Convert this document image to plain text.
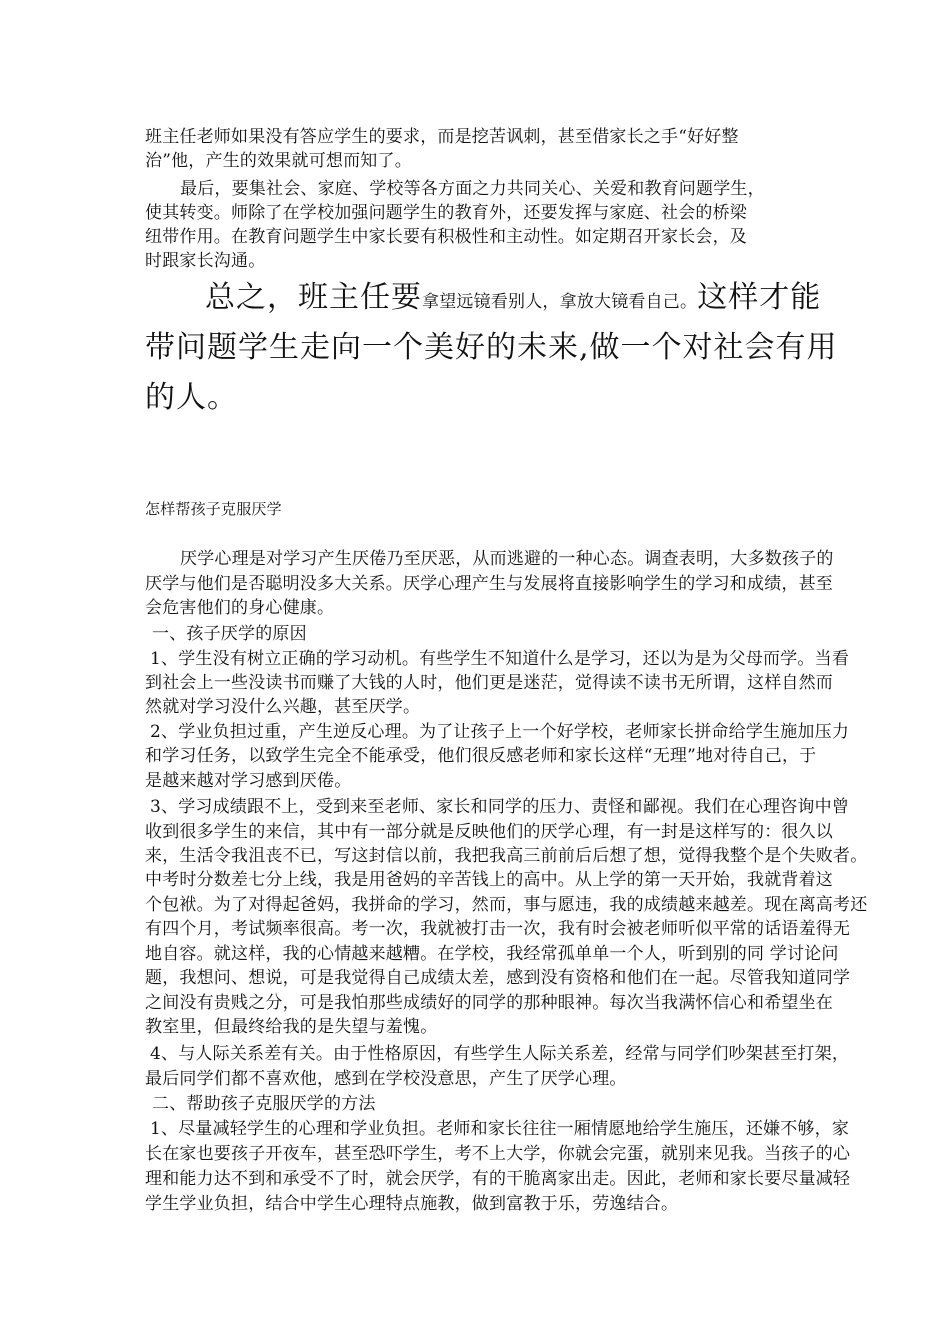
班主任老师如果没有答应学生的要求，而是挖苦讽刺，甚至借家长之手“好好整
治”他，产生的效果就可想而知了。
最后，要集社会、家庭、学校等各方面之力共同关心、关爱和教育问题学生，
使其转变。师除了在学校加强问题学生的教育外，还要发挥与家庭、社会的桥梁
纽带作用。在教育问题学生中家长要有积极性和主动性。如定期召开家长会，及
时跟家长沟通。
总之，班主任要拿望远镜看别人，拿放大镜看自己。这样才能
带问题学生走向一个美好的未来,做一个对社会有用
的人。
怎样帮孩子克服厌学
厌学心理是对学习产生厌倦乃至厌恶，从而逃避的一种心态。调查表明，大多数孩子的
厌学与他们是否聪明没多大关系。厌学心理产生与发展将直接影响学生的学习和成绩，甚至
会危害他们的身心健康。
一、孩子厌学的原因
1、学生没有树立正确的学习动机。有些学生不知道什么是学习，还以为是为父母而学。当看
到社会上一些没读书而赚了大钱的人时，他们更是迷茫，觉得读不读书无所谓，这样自然而
然就对学习没什么兴趣，甚至厌学。
2、学业负担过重，产生逆反心理。为了让孩子上一个好学校，老师家长拼命给学生施加压力
和学习任务，以致学生完全不能承受，他们很反感老师和家长这样“无理”地对待自己，于
是越来越对学习感到厌倦。
3、学习成绩跟不上，受到来至老师、家长和同学的压力、责怪和鄙视。我们在心理咨询中曾
收到很多学生的来信，其中有一部分就是反映他们的厌学心理，有一封是这样写的：很久以
来，生活令我沮丧不已，写这封信以前，我把我高三前前后后想了想，觉得我整个是个失败者。
中考时分数差七分上线，我是用爸妈的辛苦钱上的高中。从上学的第一天开始，我就背着这
个包袱。为了对得起爸妈，我拼命的学习，然而，事与愿违，我的成绩越来越差。现在离高考还
有四个月，考试频率很高。考一次，我就被打击一次，我有时会被老师听似平常的话语羞得无
地自容。就这样，我的心情越来越糟。在学校，我经常孤单单一个人，听到别的同 学讨论问
题，我想问、想说，可是我觉得自己成绩太差，感到没有资格和他们在一起。尽管我知道同学
之间没有贵贱之分，可是我怕那些成绩好的同学的那种眼神。每次当我满怀信心和希望坐在
教室里，但最终给我的是失望与羞愧。
4、与人际关系差有关。由于性格原因，有些学生人际关系差，经常与同学们吵架甚至打架，
最后同学们都不喜欢他，感到在学校没意思，产生了厌学心理。
二、帮助孩子克服厌学的方法
1、尽量减轻学生的心理和学业负担。老师和家长往往一厢情愿地给学生施压，还嫌不够，家
长在家也要孩子开夜车，甚至恐吓学生，考不上大学，你就会完蛋，就别来见我。当孩子的心
理和能力达不到和承受不了时，就会厌学，有的干脆离家出走。因此，老师和家长要尽量减轻
学生学业负担，结合中学生心理特点施教，做到富教于乐，劳逸结合。
